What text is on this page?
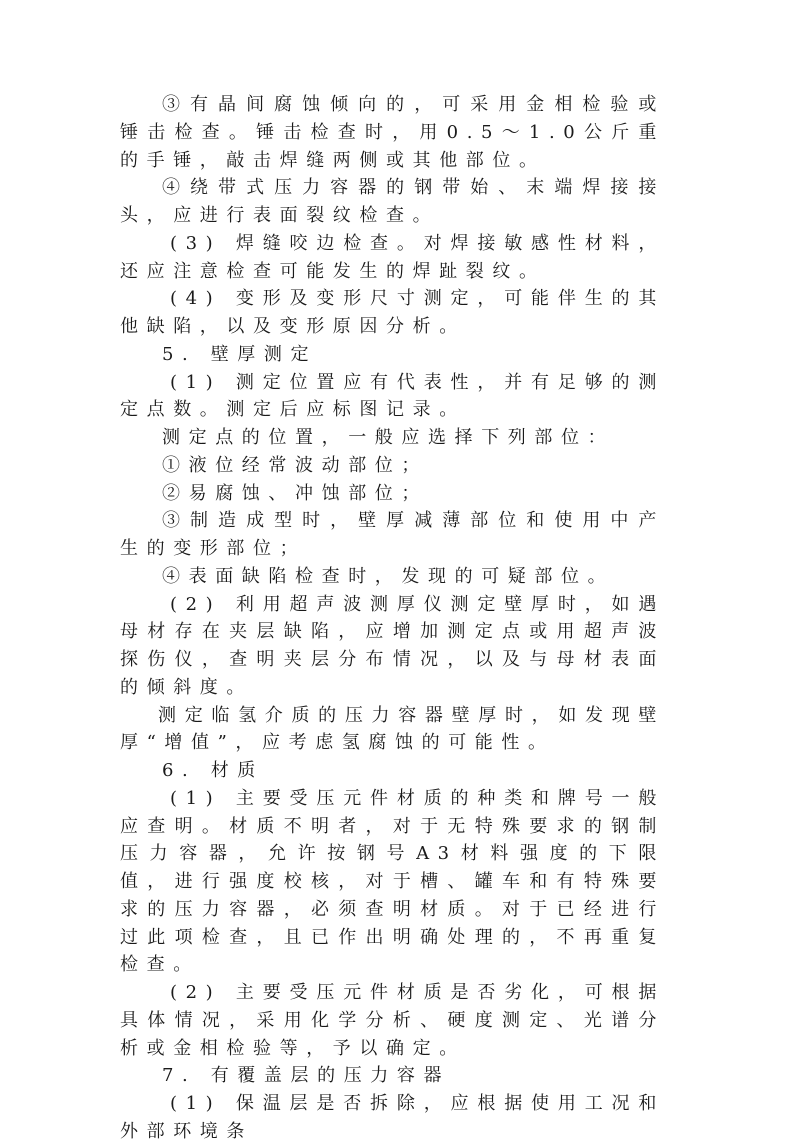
③有晶间腐蚀倾向的，可采用金相检验或锤击检查。锤击检查时，用0.5～1.0公斤重的手锤，敲击焊缝两侧或其他部位。

④绕带式压力容器的钢带始、末端焊接接头，应进行表面裂纹检查。

(3) 焊缝咬边检查。对焊接敏感性材料，还应注意检查可能发生的焊趾裂纹。

(4) 变形及变形尺寸测定，可能伴生的其他缺陷，以及变形原因分析。

5. 壁厚测定

(1) 测定位置应有代表性，并有足够的测定点数。测定后应标图记录。

测定点的位置，一般应选择下列部位：

①液位经常波动部位；

②易腐蚀、冲蚀部位；

③制造成型时，壁厚减薄部位和使用中产生的变形部位；

④表面缺陷检查时，发现的可疑部位。

(2) 利用超声波测厚仪测定壁厚时，如遇母材存在夹层缺陷，应增加测定点或用超声波探伤仪，查明夹层分布情况，以及与母材表面的倾斜度。

测定临氢介质的压力容器壁厚时，如发现壁厚“增值”，应考虑氢腐蚀的可能性。

6. 材质

(1) 主要受压元件材质的种类和牌号一般应查明。材质不明者，对于无特殊要求的钢制压力容器，允许按钢号A3材料强度的下限值，进行强度校核，对于槽、罐车和有特殊要求的压力容器，必须查明材质。对于已经进行过此项检查，且已作出明确处理的，不再重复检查。

(2) 主要受压元件材质是否劣化，可根据具体情况，采用化学分析、硬度测定、光谱分析或金相检验等，予以确定。

7. 有覆盖层的压力容器

(1) 保温层是否拆除，应根据使用工况和外部环境条
